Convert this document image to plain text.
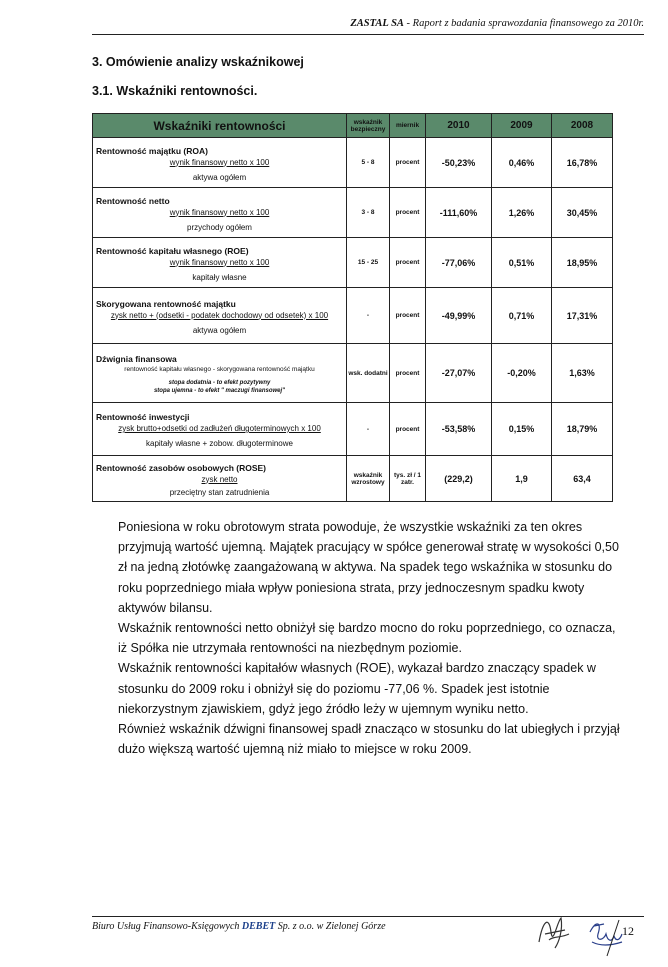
ZASTAL SA - Raport z badania sprawozdania finansowego za 2010r.
3. Omówienie analizy wskaźnikowej
3.1. Wskaźniki rentowności.
Wskaźniki rentowności	wskaźnik bezpieczny	miernik	2010	2009	2008

Rentowność majątku (ROA)
wynik finansowy netto x 100
aktywa ogółem	5 - 8	procent	-50,23%	0,46%	16,78%

Rentowność netto
wynik finansowy netto x 100
przychody ogółem	3 - 8	procent	-111,60%	1,26%	30,45%

Rentowność kapitału własnego (ROE)
wynik finansowy netto x 100
kapitały własne	15 - 25	procent	-77,06%	0,51%	18,95%

Skorygowana rentowność majątku
zysk netto + (odsetki - podatek dochodowy od odsetek) x 100
aktywa ogółem	-	procent	-49,99%	0,71%	17,31%

Dźwignia finansowa
rentowność kapitału własnego - skorygowana rentowność majątku
stopa dodatnia - to efekt pozytywny
stopa ujemna - to efekt " maczugi finansowej"	wsk. dodatni	procent	-27,07%	-0,20%	1,63%

Rentowność inwestycji
zysk brutto+odsetki od zadłużeń długoterminowych x 100
kapitały własne + zobow. długoterminowe	-	procent	-53,58%	0,15%	18,79%

Rentowność zasobów osobowych (ROSE)
zysk netto
przeciętny stan zatrudnienia	wskaźnik wzrostowy	tys. zł / 1 zatr.	(229,2)	1,9	63,4

Poniesiona w roku obrotowym strata powoduje, że wszystkie wskaźniki za ten okres przyjmują wartość ujemną. Majątek pracujący w spółce generował stratę w wysokości 0,50 zł na jedną złotówkę zaangażowaną w aktywa. Na spadek tego wskaźnika w stosunku do roku poprzedniego miała wpływ poniesiona strata, przy jednoczesnym spadku kwoty aktywów bilansu.

Wskaźnik rentowności netto obniżył się bardzo mocno do roku poprzedniego, co oznacza, iż Spółka nie utrzymała rentowności na niezbędnym poziomie.

Wskaźnik rentowności kapitałów własnych (ROE), wykazał bardzo znaczący spadek w stosunku do 2009 roku i obniżył się do poziomu -77,06 %. Spadek jest istotnie niekorzystnym zjawiskiem, gdyż jego źródło leży w ujemnym wyniku netto.

Również wskaźnik dźwigni finansowej spadł znacząco w stosunku do lat ubiegłych i przyjął dużo większą wartość ujemną niż miało to miejsce w roku 2009.

Biuro Usług Finansowo-Księgowych DEBET Sp. z o.o. w Zielonej Górze	12
